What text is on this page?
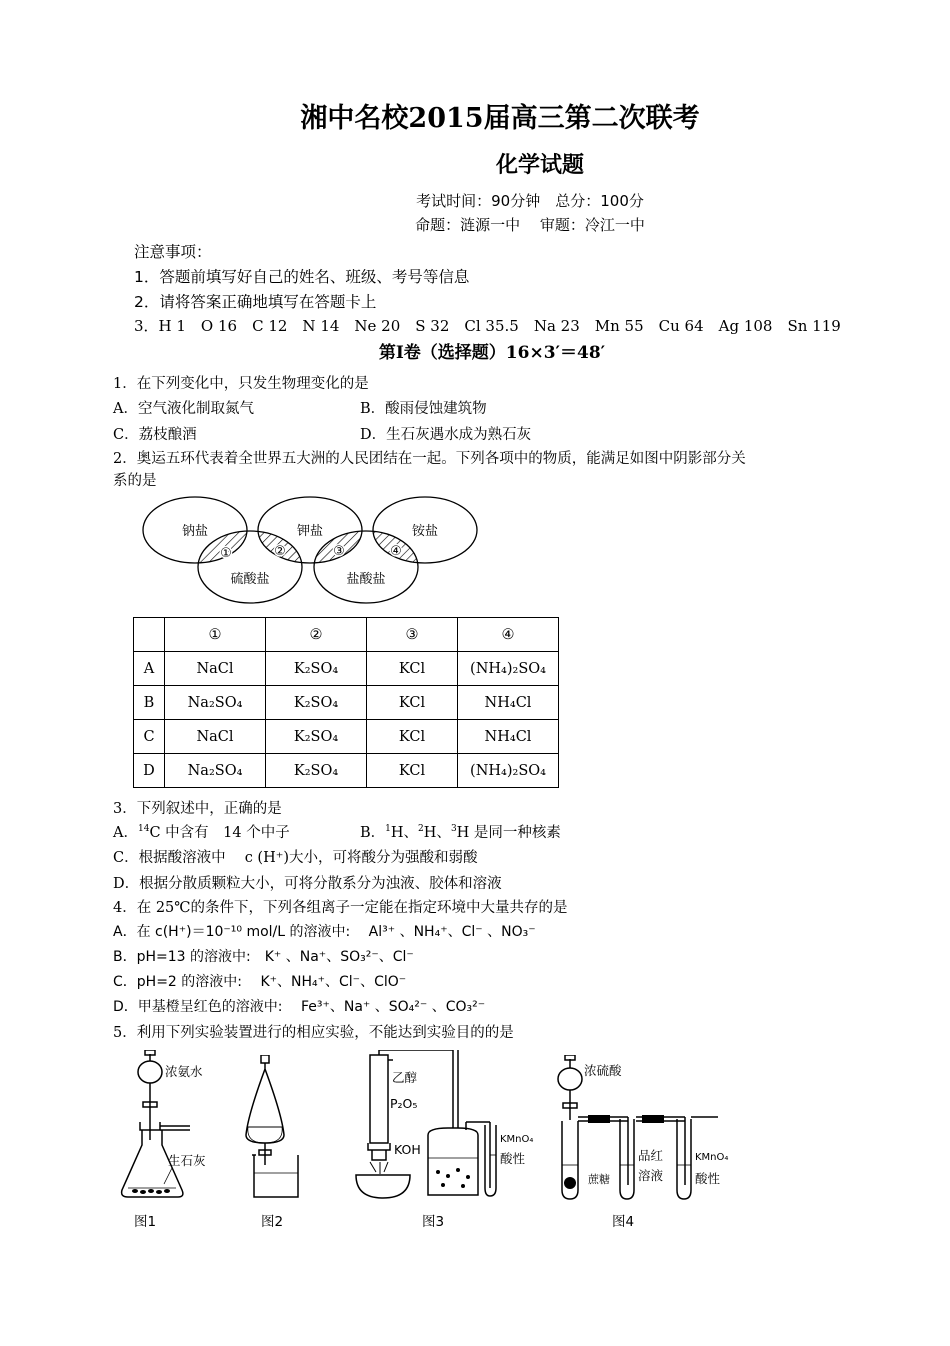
湘中名校2015届高三第二次联考
化学试题
考试时间：90分钟　总分：100分
命题：涟源一中　 审题：冷江一中
注意事项：
1．答题前填写好自己的姓名、班级、考号等信息
2．请将答案正确地填写在答题卡上
3．H 1　O 16　C 12　N 14　Ne 20　S 32　Cl 35.5　Na 23　Mn 55　Cu 64　Ag 108　Sn 119
第Ⅰ卷（选择题）16×3′＝48′
1．在下列变化中，只发生物理变化的是
A．空气液化制取氮气	B．酸雨侵蚀建筑物
C．荔枝酿酒	D．生石灰遇水成为熟石灰
2．奥运五环代表着全世界五大洲的人民团结在一起。下列各项中的物质，能满足如图中阴影部分关
系的是
钠盐	钾盐	铵盐
硫酸盐	盐酸盐
①	②	③	④
	①	②	③	④
A	NaCl	K₂SO₄	KCl	(NH₄)₂SO₄
B	Na₂SO₄	K₂SO₄	KCl	NH₄Cl
C	NaCl	K₂SO₄	KCl	NH₄Cl
D	Na₂SO₄	K₂SO₄	KCl	(NH₄)₂SO₄
3．下列叙述中，正确的是
A．$^{14}$C 中含有　14 个中子	B．$^1$H、$^2$H、$^3$H 是同一种核素
C．根据酸溶液中　 c (H⁺)大小，可将酸分为强酸和弱酸
D．根据分散质颗粒大小，可将分散系分为浊液、胶体和溶液
4．在 25℃的条件下，下列各组离子一定能在指定环境中大量共存的是
A．在 c(H⁺)＝10⁻¹⁰ mol/L 的溶液中:　 Al³⁺ 、NH₄⁺、Cl⁻ 、NO₃⁻
B．pH=13 的溶液中:　K⁺ 、Na⁺、SO₃²⁻、Cl⁻
C．pH=2 的溶液中:　 K⁺、NH₄⁺、Cl⁻、ClO⁻
D．甲基橙呈红色的溶液中:　 Fe³⁺、Na⁺ 、SO₄²⁻ 、CO₃²⁻
5．利用下列实验装置进行的相应实验，不能达到实验目的的是
浓氨水
生石灰
图1	图2
乙醇
P₂O₅
KOH
KMnO₄
酸性
图3
浓硫酸
蔗糖
品红
溶液
KMnO₄
酸性
图4
